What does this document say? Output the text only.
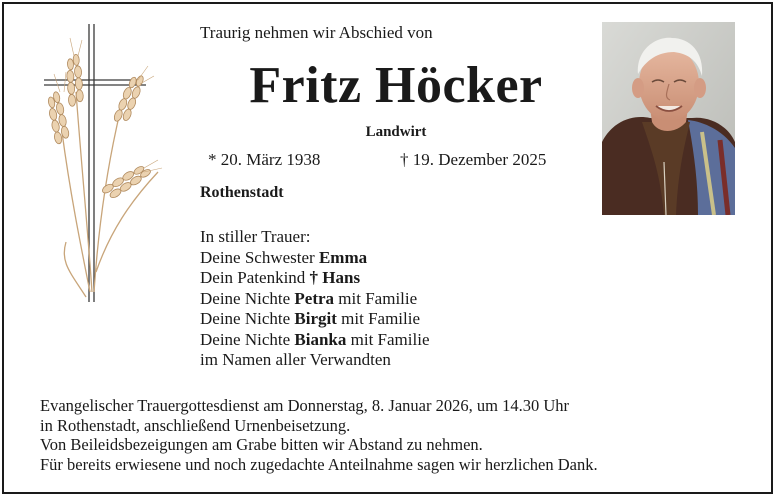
Traurig nehmen wir Abschied von
Fritz Höcker
Landwirt
* 20. März 1938	† 19. Dezember 2025
Rothenstadt
In stiller Trauer:
Deine Schwester Emma
Dein Patenkind † Hans
Deine Nichte Petra mit Familie
Deine Nichte Birgit mit Familie
Deine Nichte Bianka mit Familie
im Namen aller Verwandten
Evangelischer Trauergottesdienst am Donnerstag, 8. Januar 2026, um 14.30 Uhr
in Rothenstadt, anschließend Urnenbeisetzung.
Von Beileidsbezeigungen am Grabe bitten wir Abstand zu nehmen.
Für bereits erwiesene und noch zugedachte Anteilnahme sagen wir herzlichen Dank.
